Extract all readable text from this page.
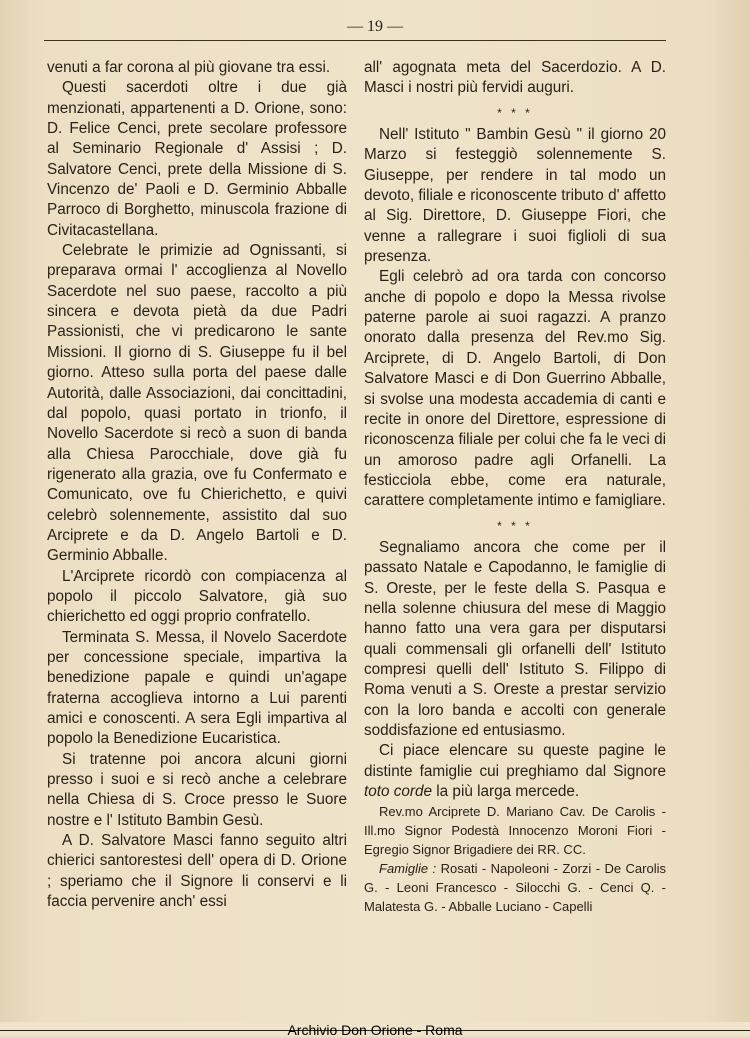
— 19 —

venuti a far corona al più giovane tra essi.

Questi sacerdoti oltre i due già menzionati, appartenenti a D. Orione, sono: D. Felice Cenci, prete secolare professore al Seminario Regionale d' Assisi ; D. Salvatore Cenci, prete della Missione di S. Vincenzo de' Paoli e D. Germinio Abballe Parroco di Borghetto, minuscola frazione di Civitacastellana.

Celebrate le primizie ad Ognissanti, si preparava ormai l' accoglienza al Novello Sacerdote nel suo paese, raccolto a più sincera e devota pietà da due Padri Passionisti, che vi predicarono le sante Missioni. Il giorno di S. Giuseppe fu il bel giorno. Atteso sulla porta del paese dalle Autorità, dalle Associazioni, dai concittadini, dal popolo, quasi portato in trionfo, il Novello Sacerdote si recò a suon di banda alla Chiesa Parocchiale, dove già fu rigenerato alla grazia, ove fu Confermato e Comunicato, ove fu Chierichetto, e quivi celebrò solennemente, assistito dal suo Arciprete e da D. Angelo Bartoli e D. Germinio Abballe.

L'Arciprete ricordò con compiacenza al popolo il piccolo Salvatore, già suo chierichetto ed oggi proprio confratello.

Terminata S. Messa, il Novelo Sacerdote per concessione speciale, impartiva la benedizione papale e quindi un'agape fraterna accoglieva intorno a Lui parenti amici e conoscenti. A sera Egli impartiva al popolo la Benedizione Eucaristica.

Si tratenne poi ancora alcuni giorni presso i suoi e si recò anche a celebrare nella Chiesa di S. Croce presso le Suore nostre e l' Istituto Bambin Gesù.

A D. Salvatore Masci fanno seguito altri chierici santorestesi dell' opera di D. Orione ; speriamo che il Signore li conservi e li faccia pervenire anch' essi

all' agognata meta del Sacerdozio. A D. Masci i nostri più fervidi auguri.

* * *

Nell' Istituto " Bambin Gesù " il giorno 20 Marzo si festeggiò solennemente S. Giuseppe, per rendere in tal modo un devoto, filiale e riconoscente tributo d' affetto al Sig. Direttore, D. Giuseppe Fiori, che venne a rallegrare i suoi figlioli di sua presenza.

Egli celebrò ad ora tarda con concorso anche di popolo e dopo la Messa rivolse paterne parole ai suoi ragazzi. A pranzo onorato dalla presenza del Rev.mo Sig. Arciprete, di D. Angelo Bartoli, di Don Salvatore Masci e di Don Guerrino Abballe, si svolse una modesta accademia di canti e recite in onore del Direttore, espressione di riconoscenza filiale per colui che fa le veci di un amoroso padre agli Orfanelli. La festicciola ebbe, come era naturale, carattere completamente intimo e famigliare.

* * *

Segnaliamo ancora che come per il passato Natale e Capodanno, le famiglie di S. Oreste, per le feste della S. Pasqua e nella solenne chiusura del mese di Maggio hanno fatto una vera gara per disputarsi quali commensali gli orfanelli dell' Istituto compresi quelli dell' Istituto S. Filippo di Roma venuti a S. Oreste a prestar servizio con la loro banda e accolti con generale soddisfazione ed entusiasmo.

Ci piace elencare su queste pagine le distinte famiglie cui preghiamo dal Signore toto corde la più larga mercede.

Rev.mo Arciprete D. Mariano Cav. De Carolis - Ill.mo Signor Podestà Innocenzo Moroni Fiori - Egregio Signor Brigadiere dei RR. CC.

Famiglie : Rosati - Napoleoni - Zorzi - De Carolis G. - Leoni Francesco - Silocchi G. - Cenci Q. - Malatesta G. - Abballe Luciano - Capelli

Archivio Don Orione - Roma
